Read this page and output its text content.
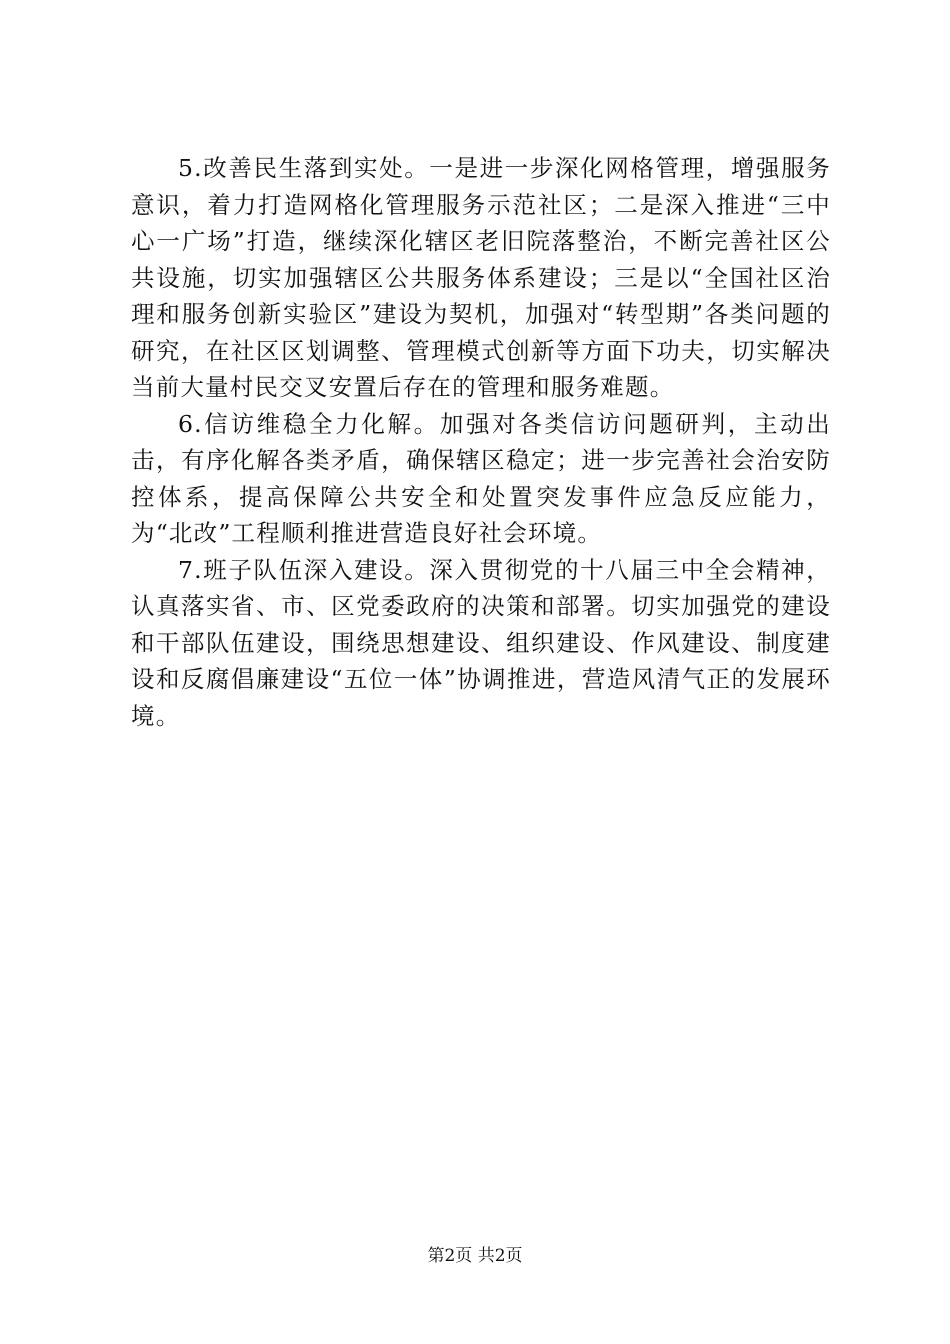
5.改善民生落到实处。一是进一步深化网格管理，增强服务意识，着力打造网格化管理服务示范社区；二是深入推进“三中心一广场”打造，继续深化辖区老旧院落整治，不断完善社区公共设施，切实加强辖区公共服务体系建设；三是以“全国社区治理和服务创新实验区”建设为契机，加强对“转型期”各类问题的研究，在社区区划调整、管理模式创新等方面下功夫，切实解决当前大量村民交叉安置后存在的管理和服务难题。

6.信访维稳全力化解。加强对各类信访问题研判，主动出击，有序化解各类矛盾，确保辖区稳定；进一步完善社会治安防控体系，提高保障公共安全和处置突发事件应急反应能力，为“北改”工程顺利推进营造良好社会环境。

7.班子队伍深入建设。深入贯彻党的十八届三中全会精神，认真落实省、市、区党委政府的决策和部署。切实加强党的建设和干部队伍建设，围绕思想建设、组织建设、作风建设、制度建设和反腐倡廉建设“五位一体”协调推进，营造风清气正的发展环境。

第2页 共2页
